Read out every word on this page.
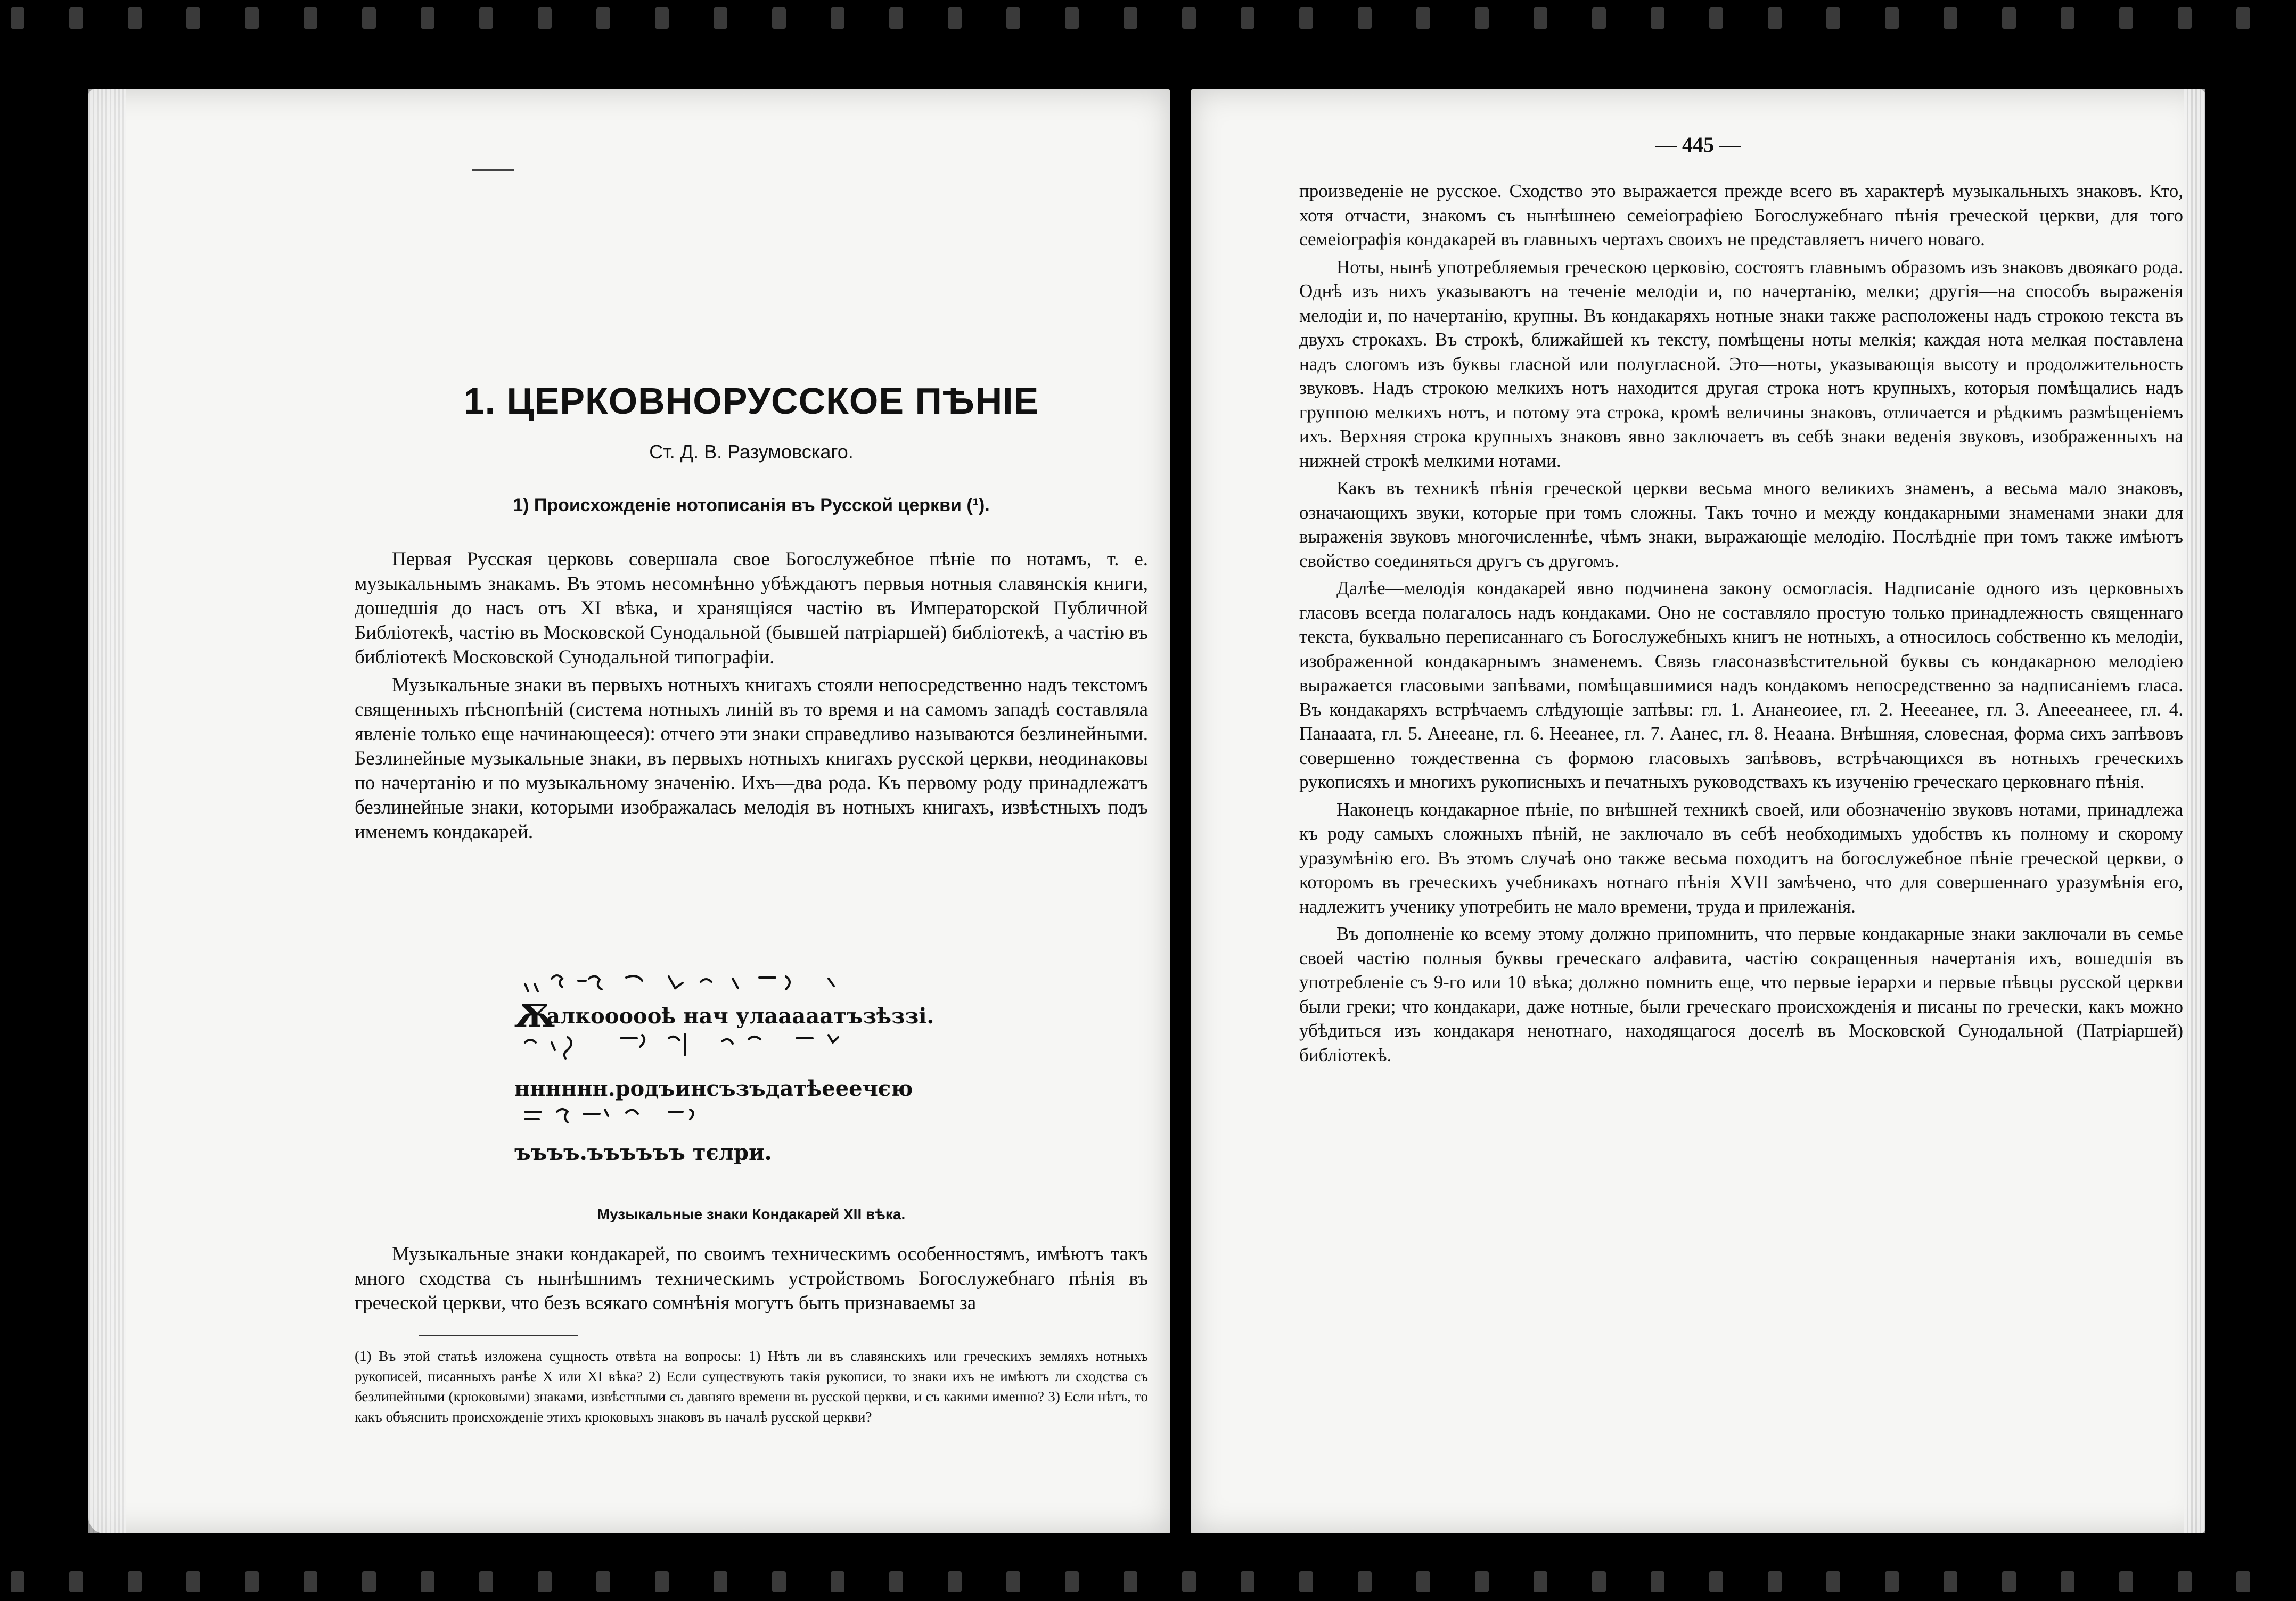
1. ЦЕРКОВНОРУССКОЕ ПѢНІЕ
Ст. Д. В. Разумовскаго.
1) Происхожденіе нотописанія въ Русской церкви (¹).

Первая Русская церковь совершала свое Богослужебное пѣніе по нотамъ, т. е. музыкальнымъ знакамъ. Въ этомъ несомнѣнно убѣждаютъ первыя нотныя славянскія книги, дошедшія до насъ отъ XI вѣка, и хранящіяся частію въ Императорской Публичной Библіотекѣ, частію въ Московской Сунодальной (бывшей патріаршей) библіотекѣ, а частію въ библіотекѣ Московской Сунодальной типографіи.

Музыкальные знаки въ первыхъ нотныхъ книгахъ стояли непосредственно надъ текстомъ священныхъ пѣснопѣній (система нотныхъ линій въ то время и на самомъ западѣ составляла явленіе только еще начинающееся): отчего эти знаки справедливо называются безлинейными. Безлинейные музыкальные знаки, въ первыхъ нотныхъ книгахъ русской церкви, неодинаковы по начертанію и по музыкальному значенію. Ихъ—два рода. Къ первому роду принадлежатъ безлинейные знаки, которыми изображалась мелодія въ нотныхъ книгахъ, извѣстныхъ подъ именемъ кондакарей.

Ѫ
алкоооооҍ нач улааааатъзѣззі.
нннннн.родъинсъзъдатѣееечєю
ъъъъ.ъъъъъъ тєлри.
Музыкальные знаки Кондакарей XII вѣка.

Музыкальные знаки кондакарей, по своимъ техническимъ особенностямъ, имѣютъ такъ много сходства съ нынѣшнимъ техническимъ устройствомъ Богослужебнаго пѣнія въ греческой церкви, что безъ всякаго сомнѣнія могутъ быть признаваемы за

(1) Въ этой статьѣ изложена сущность отвѣта на вопросы: 1) Нѣтъ ли въ славянскихъ или греческихъ земляхъ нотныхъ рукописей, писанныхъ ранѣе X или XI вѣка? 2) Если существуютъ такія рукописи, то знаки ихъ не имѣютъ ли сходства съ безлинейными (крюковыми) знаками, извѣстными съ давняго времени въ русской церкви, и съ какими именно? 3) Если нѣтъ, то какъ объяснить происхожденіе этихъ крюковыхъ знаковъ въ началѣ русской церкви?
— 445 —

произведеніе не русское. Сходство это выражается прежде всего въ характерѣ музыкальныхъ знаковъ. Кто, хотя отчасти, знакомъ съ нынѣшнею семеіографіею Богослужебнаго пѣнія греческой церкви, для того семеіографія кондакарей въ главныхъ чертахъ своихъ не представляетъ ничего новаго.

Ноты, нынѣ употребляемыя греческою церковію, состоятъ главнымъ образомъ изъ знаковъ двоякаго рода. Однѣ изъ нихъ указываютъ на теченіе мелодіи и, по начертанію, мелки; другія—на способъ выраженія мелодіи и, по начертанію, крупны. Въ кондакаряхъ нотные знаки также расположены надъ строкою текста въ двухъ строкахъ. Въ строкѣ, ближайшей къ тексту, помѣщены ноты мелкія; каждая нота мелкая поставлена надъ слогомъ изъ буквы гласной или полугласной. Это—ноты, указывающія высоту и продолжительность звуковъ. Надъ строкою мелкихъ нотъ находится другая строка нотъ крупныхъ, которыя помѣщались надъ группою мелкихъ нотъ, и потому эта строка, кромѣ величины знаковъ, отличается и рѣдкимъ размѣщеніемъ ихъ. Верхняя строка крупныхъ знаковъ явно заключаетъ въ себѣ знаки веденія звуковъ, изображенныхъ на нижней строкѣ мелкими нотами.

Какъ въ техникѣ пѣнія греческой церкви весьма много великихъ знаменъ, а весьма мало знаковъ, означающихъ звуки, которые при томъ сложны. Такъ точно и между кондакарными знаменами знаки для выраженія звуковъ многочисленнѣе, чѣмъ знаки, выражающіе мелодію. Послѣдніе при томъ также имѣютъ свойство соединяться другъ съ другомъ.

Далѣе—мелодія кондакарей явно подчинена закону осмогласія. Надписаніе одного изъ церковныхъ гласовъ всегда полагалось надъ кондаками. Оно не составляло простую только принадлежность священнаго текста, буквально переписаннаго съ Богослужебныхъ книгъ не нотныхъ, а относилось собственно къ мелодіи, изображенной кондакарнымъ знаменемъ. Связь гласоназвѣстительной буквы съ кондакарною мелодіею выражается гласовыми запѣвами, помѣщавшимися надъ кондакомъ непосредственно за надписаніемъ гласа. Въ кондакаряхъ встрѣчаемъ слѣдующіе запѣвы: гл. 1. Ананеоиее, гл. 2. Неееанее, гл. 3. Аneеeанеее, гл. 4. Панааата, гл. 5. Анеeане, гл. 6. Неeaнее, гл. 7. Аанес, гл. 8. Неаaна. Внѣшняя, словесная, форма сихъ запѣвовъ совершенно тождественна съ формою гласовыхъ запѣвовъ, встрѣчающихся въ нотныхъ греческихъ рукописяхъ и многихъ рукописныхъ и печатныхъ руководствахъ къ изученію греческаго церковнаго пѣнія.

Наконецъ кондакарное пѣніе, по внѣшней техникѣ своей, или обозначенію звуковъ нотами, принадлежа къ роду самыхъ сложныхъ пѣній, не заключало въ себѣ необходимыхъ удобствъ къ полному и скорому уразумѣнію его. Въ этомъ случаѣ оно также весьма походитъ на богослужебное пѣніе греческой церкви, о которомъ въ греческихъ учебникахъ нотнаго пѣнія XVII замѣчено, что для совершеннаго уразумѣнія его, надлежитъ ученику употребить не мало времени, труда и прилежанія.

Въ дополненіе ко всему этому должно припомнить, что первые кондакарные знаки заключали въ семье своей частію полныя буквы греческаго алфавита, частію сокращенныя начертанія ихъ, вошедшія въ употребленіе съ 9-го или 10 вѣка; должно помнить еще, что первые іерархи и первые пѣвцы русской церкви были греки; что кондакари, даже нотные, были греческаго происхожденія и писаны по гречески, какъ можно убѣдиться изъ кондакаря ненотнаго, находящагося доселѣ въ Московской Сунодальной (Патріаршей) библіотекѣ.
